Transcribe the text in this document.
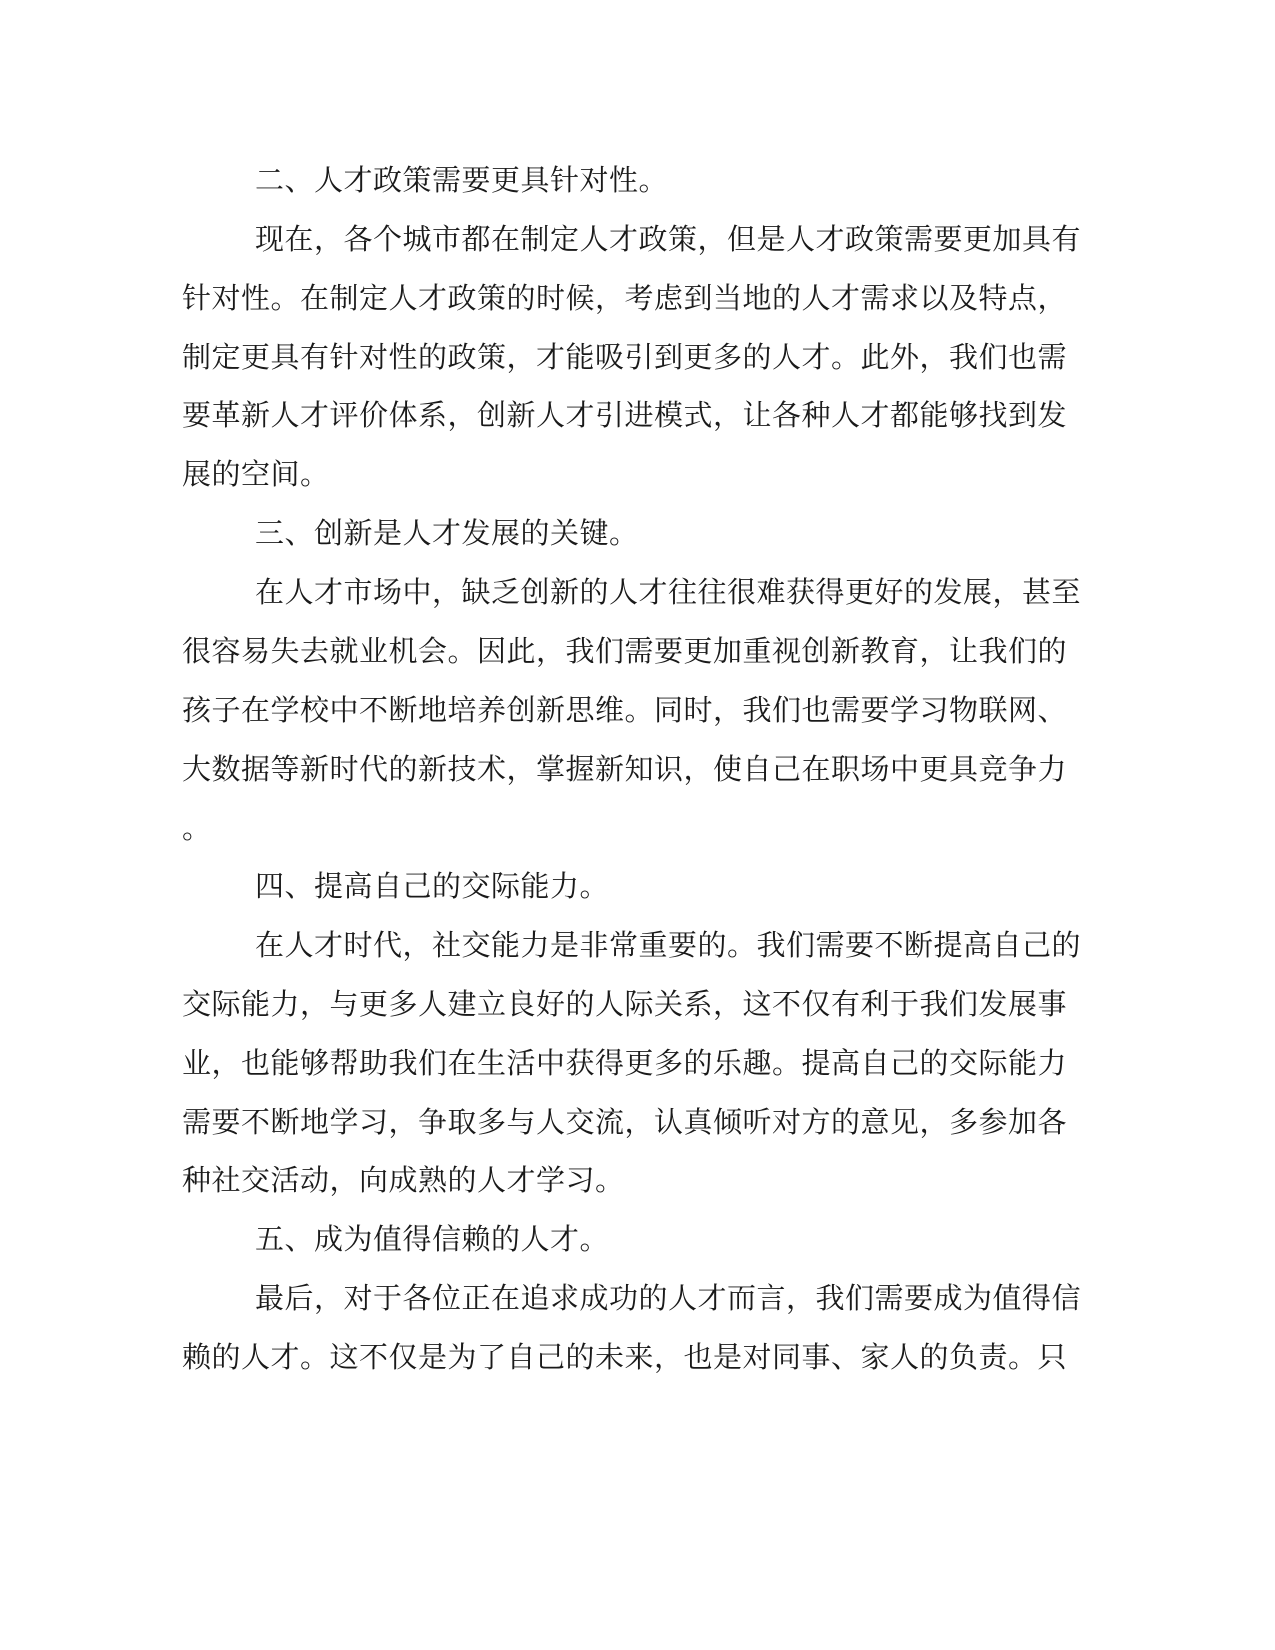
二、人才政策需要更具针对性。
现在，各个城市都在制定人才政策，但是人才政策需要更加具有
针对性。在制定人才政策的时候，考虑到当地的人才需求以及特点，
制定更具有针对性的政策，才能吸引到更多的人才。此外，我们也需
要革新人才评价体系，创新人才引进模式，让各种人才都能够找到发
展的空间。
三、创新是人才发展的关键。
在人才市场中，缺乏创新的人才往往很难获得更好的发展，甚至
很容易失去就业机会。因此，我们需要更加重视创新教育，让我们的
孩子在学校中不断地培养创新思维。同时，我们也需要学习物联网、
大数据等新时代的新技术，掌握新知识，使自己在职场中更具竞争力
。
四、提高自己的交际能力。
在人才时代，社交能力是非常重要的。我们需要不断提高自己的
交际能力，与更多人建立良好的人际关系，这不仅有利于我们发展事
业，也能够帮助我们在生活中获得更多的乐趣。提高自己的交际能力
需要不断地学习，争取多与人交流，认真倾听对方的意见，多参加各
种社交活动，向成熟的人才学习。
五、成为值得信赖的人才。
最后，对于各位正在追求成功的人才而言，我们需要成为值得信
赖的人才。这不仅是为了自己的未来，也是对同事、家人的负责。只
